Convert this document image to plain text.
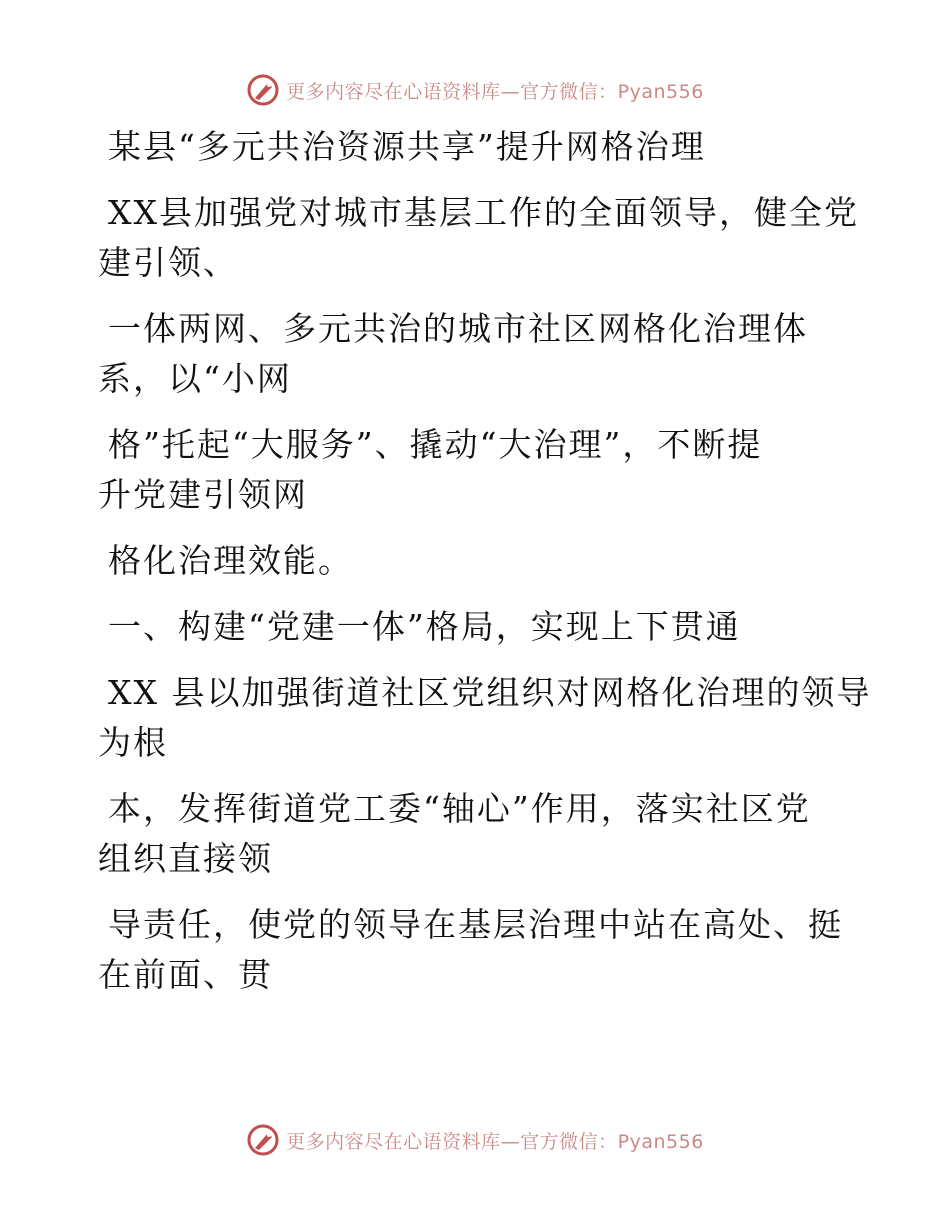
更多内容尽在心语资料库—官方微信：Pyan556
某县“多元共治资源共享”提升网格治理
XX县加强党对城市基层工作的全面领导，健全党
建引领、
一体两网、多元共治的城市社区网格化治理体
系，以“小网
格”托起“大服务”、撬动“大治理”，不断提
升党建引领网
格化治理效能。
一、构建“党建一体”格局，实现上下贯通
XX 县以加强街道社区党组织对网格化治理的领导
为根
本，发挥街道党工委“轴心”作用，落实社区党
组织直接领
导责任，使党的领导在基层治理中站在高处、挺
在前面、贯
更多内容尽在心语资料库—官方微信：Pyan556
